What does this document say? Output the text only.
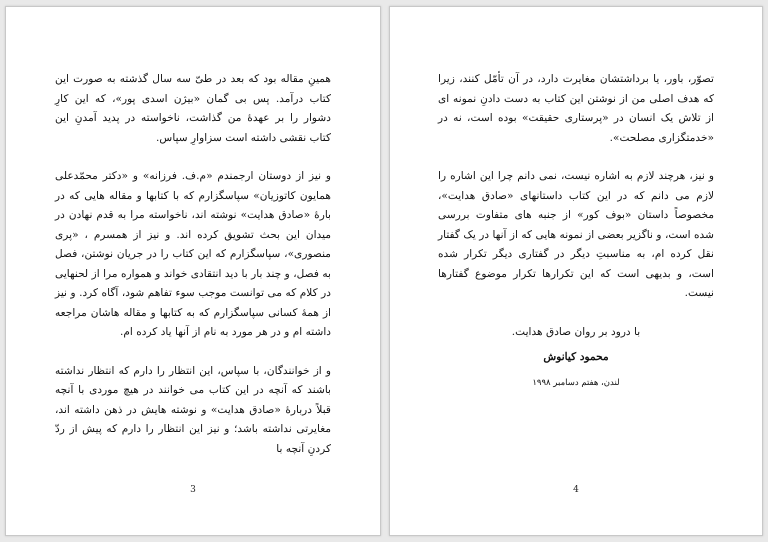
همینِ مقاله بود که بعد در طیّ سه سال گذشته به صورت این کتاب درآمد. پس بی گمان «بیژن اسدی پور»، که این کارِ دشوار را بر عهدهٔ من گذاشت، ناخواسته در پدید آمدنِ این کتاب نقشی داشته است سزاوارِ سپاس.

و نیز از دوستان ارجمندم «م.ف. فرزانه» و «دکتر محمّدعلی همایون کاتوزیان» سپاسگزارم که با کتابها و مقاله هایی که در بارهٔ «صادق هدایت» نوشته اند، ناخواسته مرا به قدم نهادن در میدان این بحث تشویق کرده اند. و نیز از همسرم ، «پری منصوری»، سپاسگزارم که این کتاب را در جریان نوشتن، فصل به فصل، و چند بار با دید انتقادی خواند و همواره مرا از لحنهایی در کلام که می توانست موجب سوء تفاهم شود، آگاه کرد. و نیز از همهٔ کسانی سپاسگزارم که به کتابها و مقاله هاشان مراجعه داشته ام و در هر مورد به نام از آنها یاد کرده ام.

و از خوانندگان، با سپاس، این انتظار را دارم که انتظار نداشته باشند که آنچه در این کتاب می خوانند در هیچ موردی با آنچه قبلاً دربارهٔ «صادق هدایت» و نوشته هایش در ذهن داشته اند، مغایرتی نداشته باشد؛ و نیز این انتظار را دارم که پیش از ردّ کردنِ آنچه با

3

تصوّر، باور، یا برداشتشان مغایرت دارد، در آن تأمّل کنند، زیرا که هدف اصلی من از نوشتن این کتاب به دست دادنِ نمونه ای از تلاش یک انسان در «پرستاری حقیقت» بوده است، نه در «خدمتگزاری مصلحت».

و نیز، هرچند لازم به اشاره نیست، نمی دانم چرا این اشاره را لازم می دانم که در این کتاب داستانهای «صادق هدایت»، مخصوصاً داستان «بوف کور» از جنبه های متفاوت بررسی شده است، و ناگزیر بعضی از نمونه هایی که از آنها در یک گفتار نقل کرده ام، به مناسبتِ دیگر در گفتاری دیگر تکرار شده است، و بدیهی است که این تکرارها تکرار موضوع گفتارها نیست.

با درود بر روان صادق هدایت.

محمود کیانوش

لندن، هفتم دسامبر ۱۹۹۸

4
